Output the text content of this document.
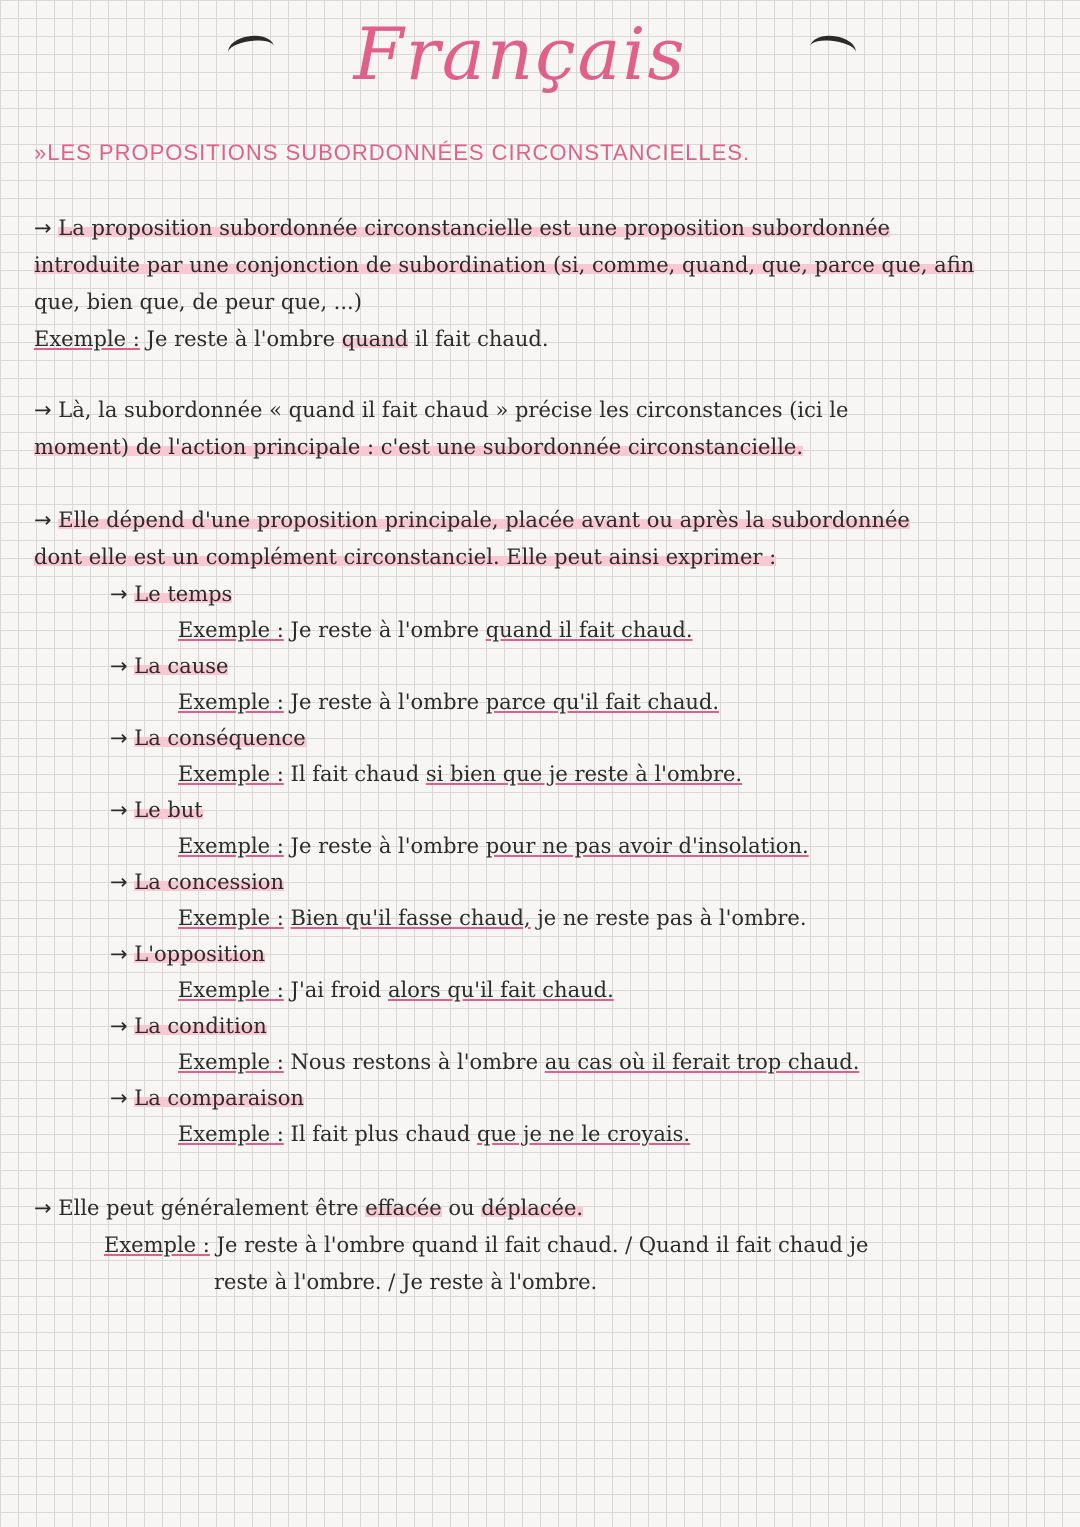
Français
»LES PROPOSITIONS SUBORDONNÉES CIRCONSTANCIELLES.
→ La proposition subordonnée circonstancielle est une proposition subordonnée
introduite par une conjonction de subordination (si, comme, quand, que, parce que, afin
que, bien que, de peur que, ...)
Exemple : Je reste à l'ombre quand il fait chaud.
→ Là, la subordonnée « quand il fait chaud » précise les circonstances (ici le
moment) de l'action principale : c'est une subordonnée circonstancielle.
→ Elle dépend d'une proposition principale, placée avant ou après la subordonnée
dont elle est un complément circonstanciel. Elle peut ainsi exprimer :
→ Le temps
Exemple : Je reste à l'ombre quand il fait chaud.
→ La cause
Exemple : Je reste à l'ombre parce qu'il fait chaud.
→ La conséquence
Exemple : Il fait chaud si bien que je reste à l'ombre.
→ Le but
Exemple : Je reste à l'ombre pour ne pas avoir d'insolation.
→ La concession
Exemple : Bien qu'il fasse chaud, je ne reste pas à l'ombre.
→ L'opposition
Exemple : J'ai froid alors qu'il fait chaud.
→ La condition
Exemple : Nous restons à l'ombre au cas où il ferait trop chaud.
→ La comparaison
Exemple : Il fait plus chaud que je ne le croyais.
→ Elle peut généralement être effacée ou déplacée.
Exemple : Je reste à l'ombre quand il fait chaud. / Quand il fait chaud je
reste à l'ombre. / Je reste à l'ombre.
